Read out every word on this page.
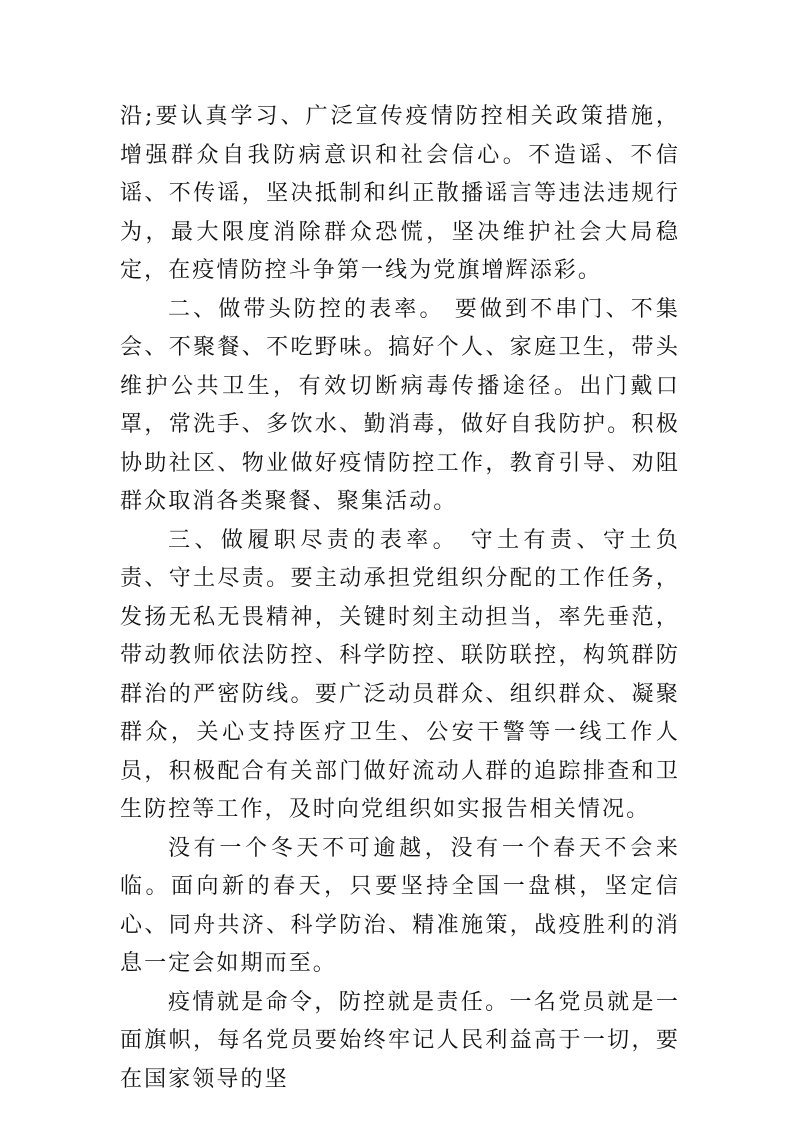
沿;要认真学习、广泛宣传疫情防控相关政策措施，增强群众自我防病意识和社会信心。不造谣、不信谣、不传谣，坚决抵制和纠正散播谣言等违法违规行为，最大限度消除群众恐慌，坚决维护社会大局稳定，在疫情防控斗争第一线为党旗增辉添彩。

二、做带头防控的表率。 要做到不串门、不集会、不聚餐、不吃野味。搞好个人、家庭卫生，带头维护公共卫生，有效切断病毒传播途径。出门戴口罩，常洗手、多饮水、勤消毒，做好自我防护。积极协助社区、物业做好疫情防控工作，教育引导、劝阻群众取消各类聚餐、聚集活动。

三、做履职尽责的表率。 守土有责、守土负责、守土尽责。要主动承担党组织分配的工作任务，发扬无私无畏精神，关键时刻主动担当，率先垂范，带动教师依法防控、科学防控、联防联控，构筑群防群治的严密防线。要广泛动员群众、组织群众、凝聚群众，关心支持医疗卫生、公安干警等一线工作人员，积极配合有关部门做好流动人群的追踪排查和卫生防控等工作，及时向党组织如实报告相关情况。

没有一个冬天不可逾越，没有一个春天不会来临。面向新的春天，只要坚持全国一盘棋，坚定信心、同舟共济、科学防治、精准施策，战疫胜利的消息一定会如期而至。

疫情就是命令，防控就是责任。一名党员就是一面旗帜，每名党员要始终牢记人民利益高于一切，要在国家领导的坚
